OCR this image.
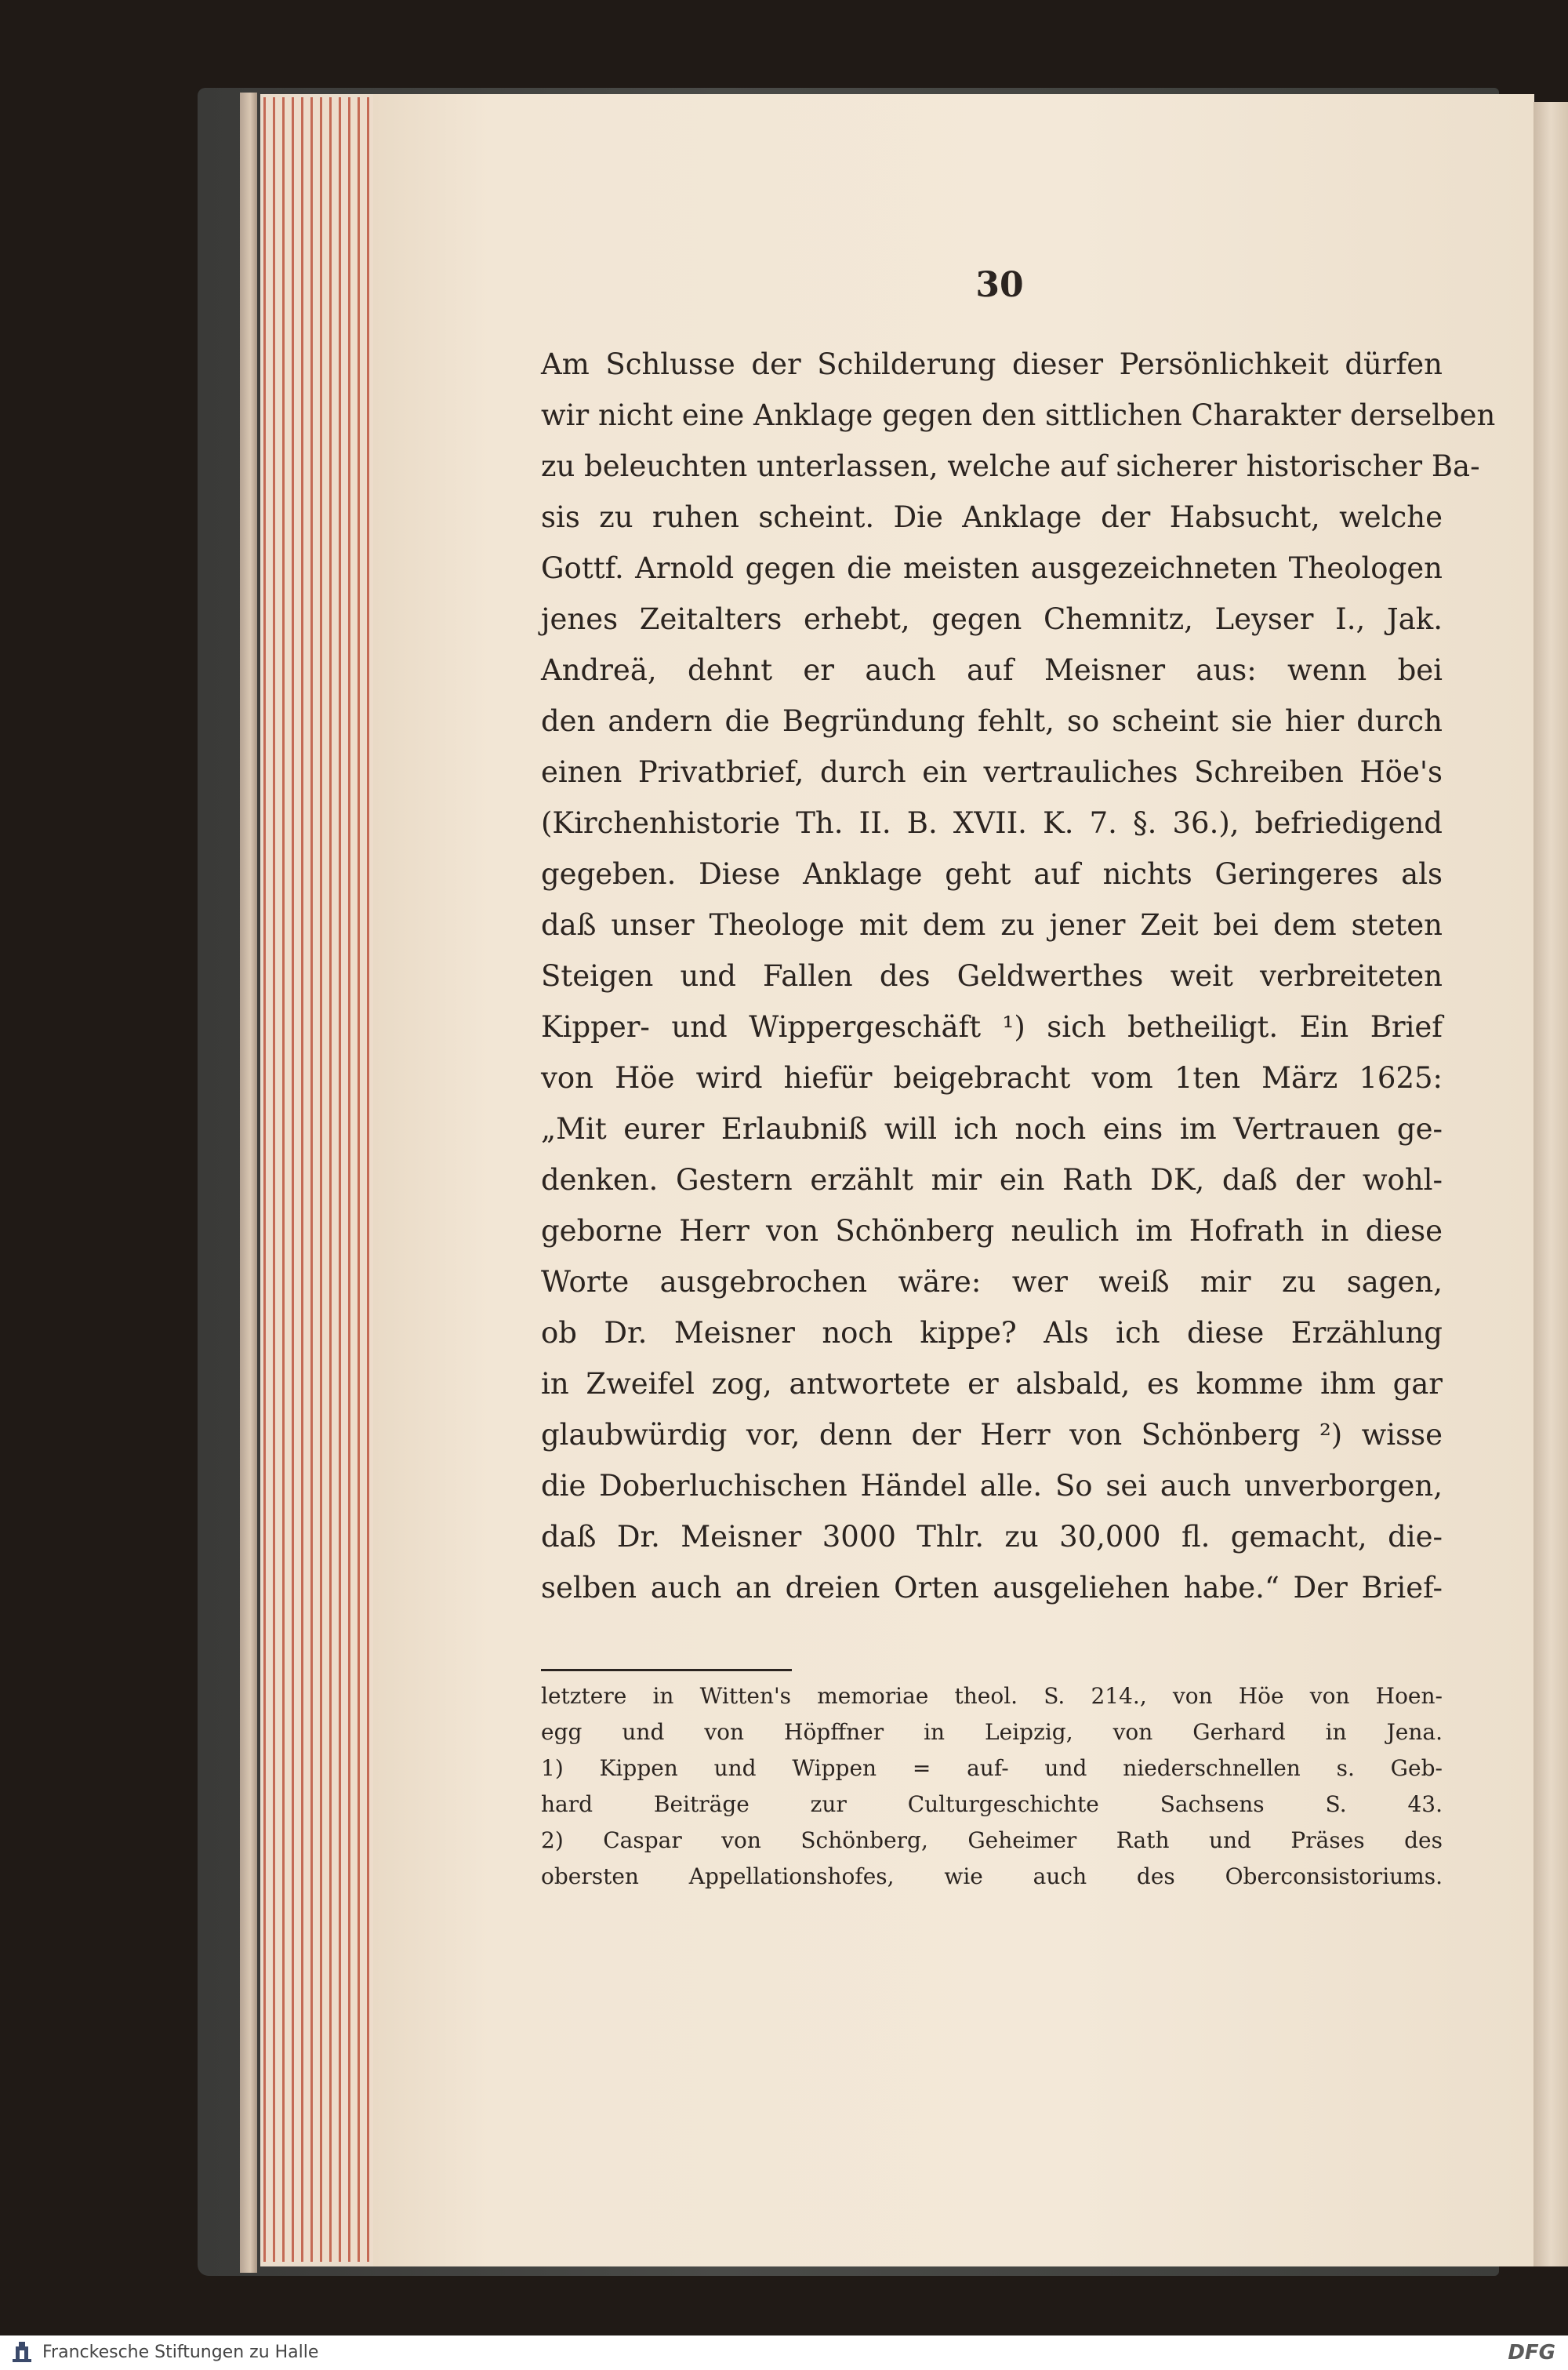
30
Am Schlusse der Schilderung dieser Persönlichkeit dürfen
wir nicht eine Anklage gegen den sittlichen Charakter derselben
zu beleuchten unterlassen, welche auf sicherer historischer Ba-
sis zu ruhen scheint. Die Anklage der Habsucht, welche
Gottf. Arnold gegen die meisten ausgezeichneten Theologen
jenes Zeitalters erhebt, gegen Chemnitz, Leyser I., Jak.
Andreä, dehnt er auch auf Meisner aus: wenn bei
den andern die Begründung fehlt, so scheint sie hier durch
einen Privatbrief, durch ein vertrauliches Schreiben Höe's
(Kirchenhistorie Th. II. B. XVII. K. 7. §. 36.), befriedigend
gegeben. Diese Anklage geht auf nichts Geringeres als
daß unser Theologe mit dem zu jener Zeit bei dem steten
Steigen und Fallen des Geldwerthes weit verbreiteten
Kipper- und Wippergeschäft ¹) sich betheiligt. Ein Brief
von Höe wird hiefür beigebracht vom 1ten März 1625:
„Mit eurer Erlaubniß will ich noch eins im Vertrauen ge-
denken. Gestern erzählt mir ein Rath DK, daß der wohl-
geborne Herr von Schönberg neulich im Hofrath in diese
Worte ausgebrochen wäre: wer weiß mir zu sagen,
ob Dr. Meisner noch kippe? Als ich diese Erzählung
in Zweifel zog, antwortete er alsbald, es komme ihm gar
glaubwürdig vor, denn der Herr von Schönberg ²) wisse
die Doberluchischen Händel alle. So sei auch unverborgen,
daß Dr. Meisner 3000 Thlr. zu 30,000 fl. gemacht, die-
selben auch an dreien Orten ausgeliehen habe.“ Der Brief-
letztere in Witten's memoriae theol. S. 214., von Höe von Hoen-
egg und von Höpffner in Leipzig, von Gerhard in Jena.
1) Kippen und Wippen = auf- und niederschnellen s. Geb-
hard Beiträge zur Culturgeschichte Sachsens S. 43.
2) Caspar von Schönberg, Geheimer Rath und Präses des
obersten Appellationshofes, wie auch des Oberconsistoriums.
Franckesche Stiftungen zu Halle	DFG
